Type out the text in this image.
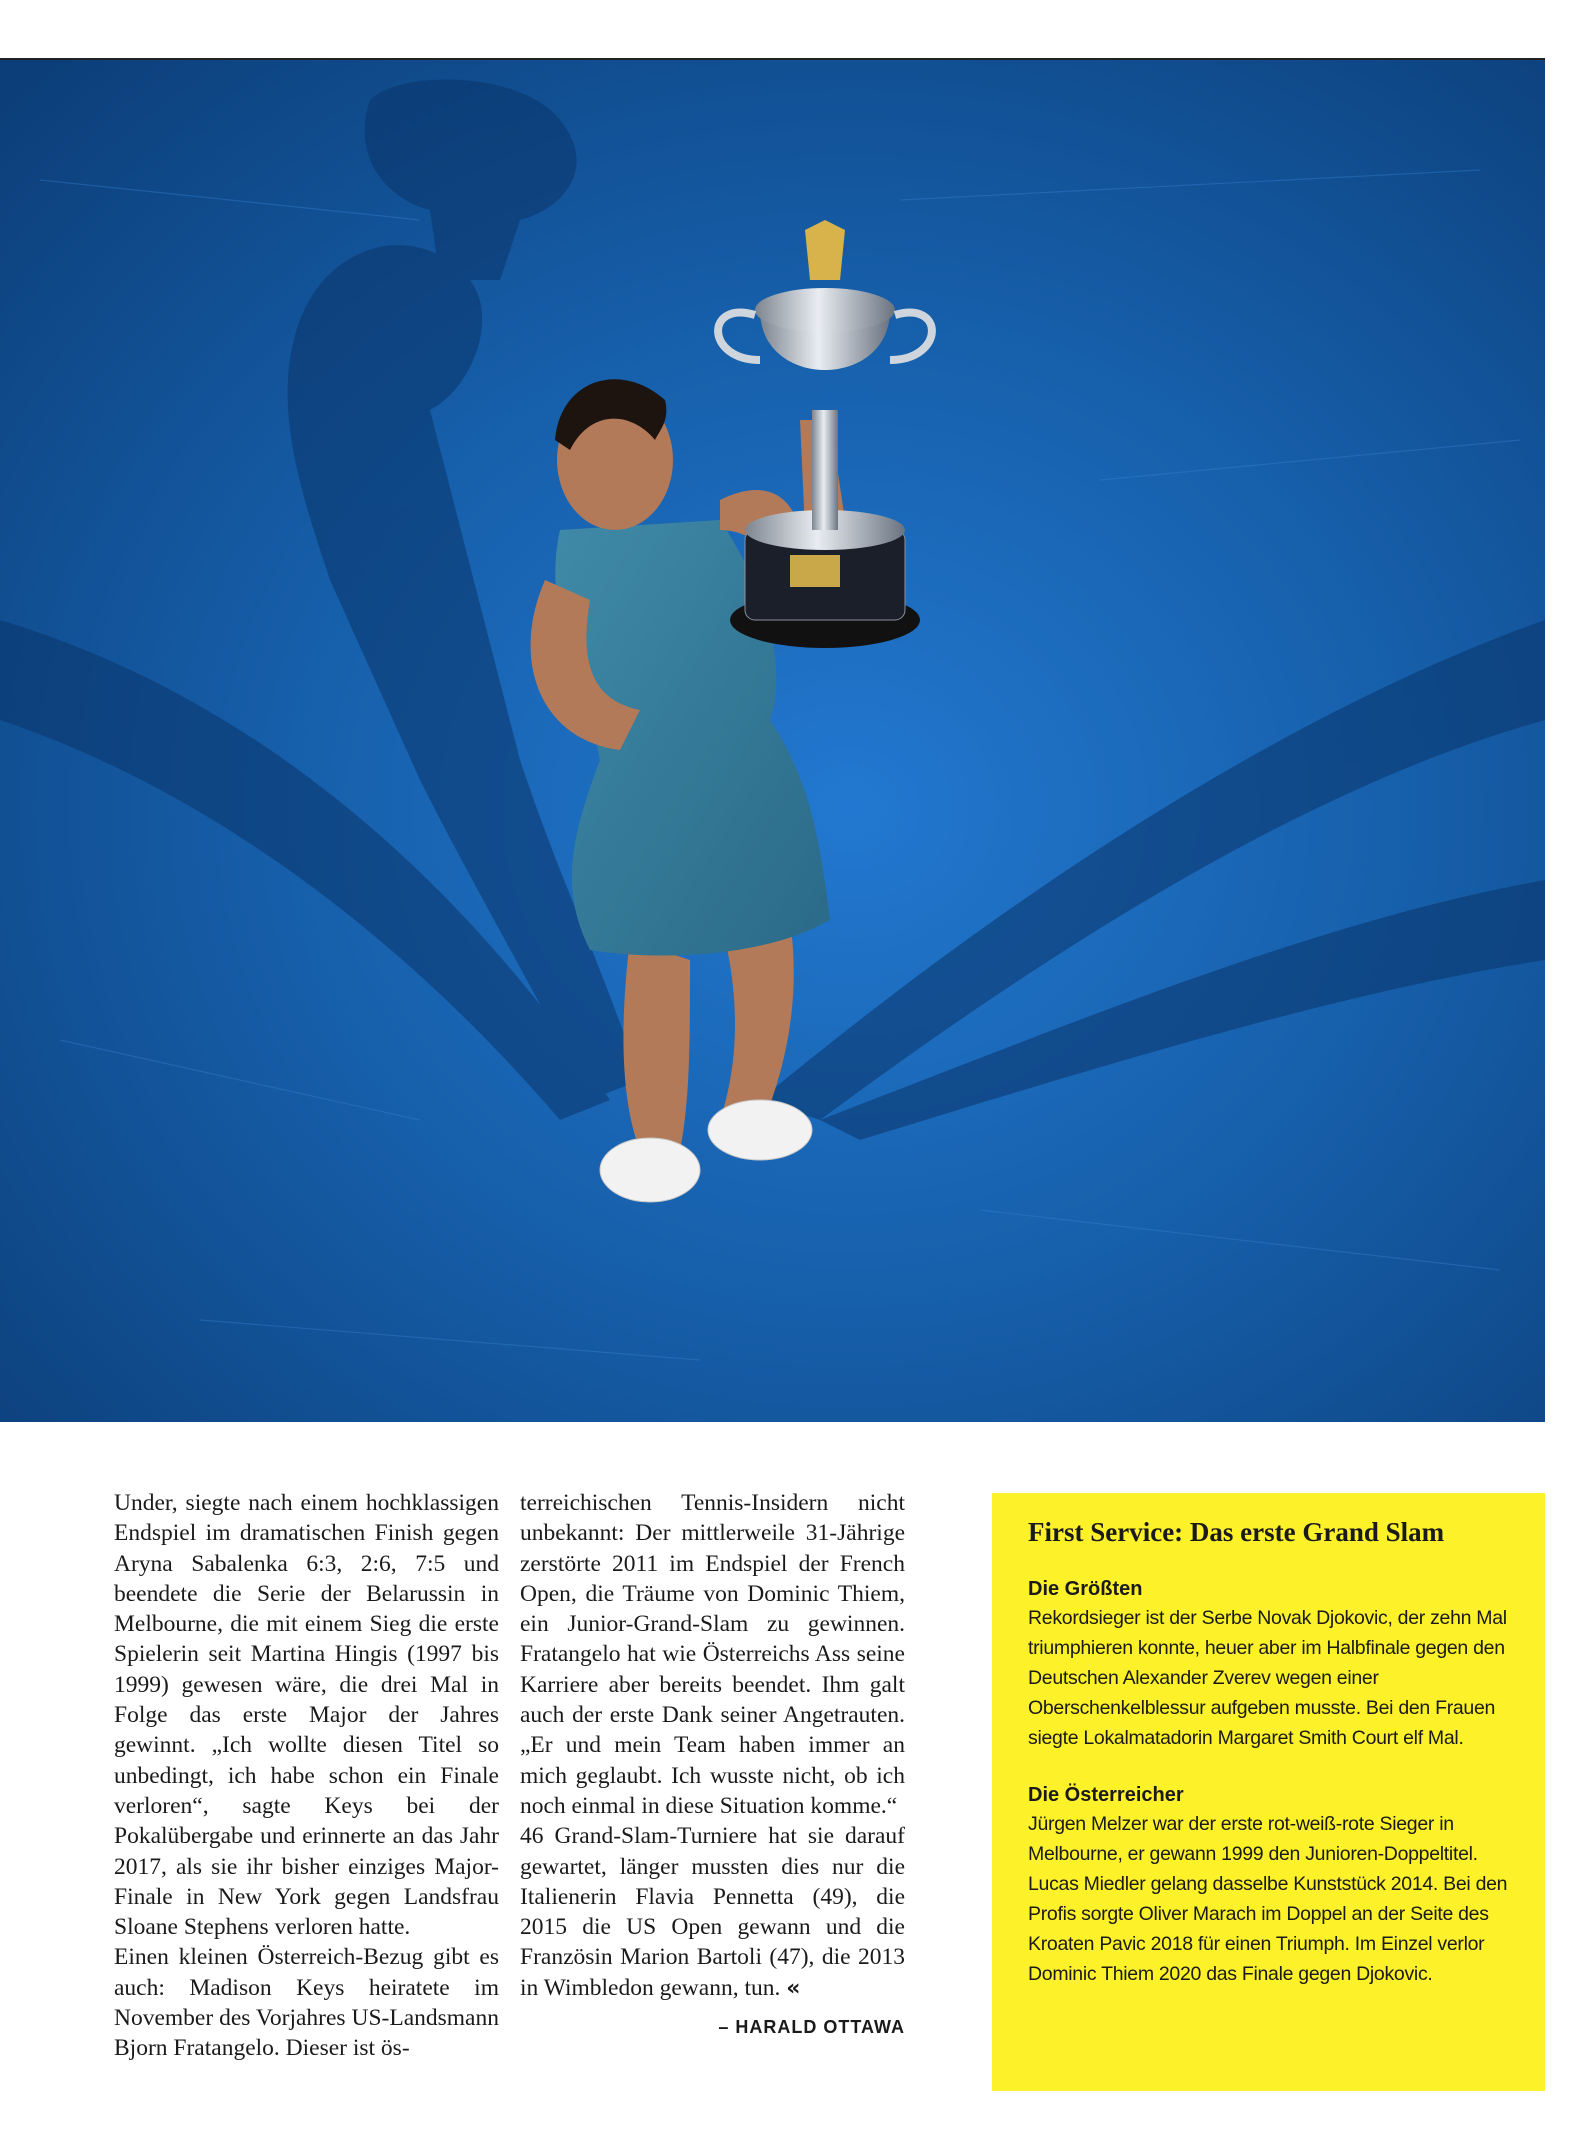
Under, siegte nach einem hochklassigen Endspiel im dramatischen Finish gegen Aryna Sabalenka 6:3, 2:6, 7:5 und beendete die Serie der Belarussin in Melbourne, die mit einem Sieg die erste Spielerin seit Martina Hingis (1997 bis 1999) gewesen wäre, die drei Mal in Folge das erste Major der Jahres gewinnt. „Ich wollte diesen Titel so unbedingt, ich habe schon ein Finale verloren“, sagte Keys bei der Pokalübergabe und erinnerte an das Jahr 2017, als sie ihr bisher einziges Major-Finale in New York gegen Landsfrau Sloane Stephens verloren hatte.

Einen kleinen Österreich-Bezug gibt es auch: Madison Keys heiratete im November des Vorjahres US-Landsmann Bjorn Fratangelo. Dieser ist ös-

terreichischen Tennis-Insidern nicht unbekannt: Der mittlerweile 31-Jährige zerstörte 2011 im Endspiel der French Open, die Träume von Dominic Thiem, ein Junior-Grand-Slam zu gewinnen. Fratangelo hat wie Österreichs Ass seine Karriere aber bereits beendet. Ihm galt auch der erste Dank seiner Angetrauten. „Er und mein Team haben immer an mich geglaubt. Ich wusste nicht, ob ich noch einmal in diese Situation komme.“

46 Grand-Slam-Turniere hat sie darauf gewartet, länger mussten dies nur die Italienerin Flavia Pennetta (49), die 2015 die US Open gewann und die Französin Marion Bartoli (47), die 2013 in Wimbledon gewann, tun. «

– HARALD OTTAWA
First Service: Das erste Grand Slam
Die Größten

Rekordsieger ist der Serbe Novak Djokovic, der zehn Mal triumphieren konnte, heuer aber im Halbfinale gegen den Deutschen Alexander Zverev wegen einer Oberschenkelblessur aufgeben musste. Bei den Frauen siegte Lokalmatadorin Margaret Smith Court elf Mal.

Die Österreicher

Jürgen Melzer war der erste rot-weiß-rote Sieger in Melbourne, er gewann 1999 den Junioren-Doppeltitel. Lucas Miedler gelang dasselbe Kunststück 2014. Bei den Profis sorgte Oliver Marach im Doppel an der Seite des Kroaten Pavic 2018 für einen Triumph. Im Einzel verlor Dominic Thiem 2020 das Finale gegen Djokovic.
